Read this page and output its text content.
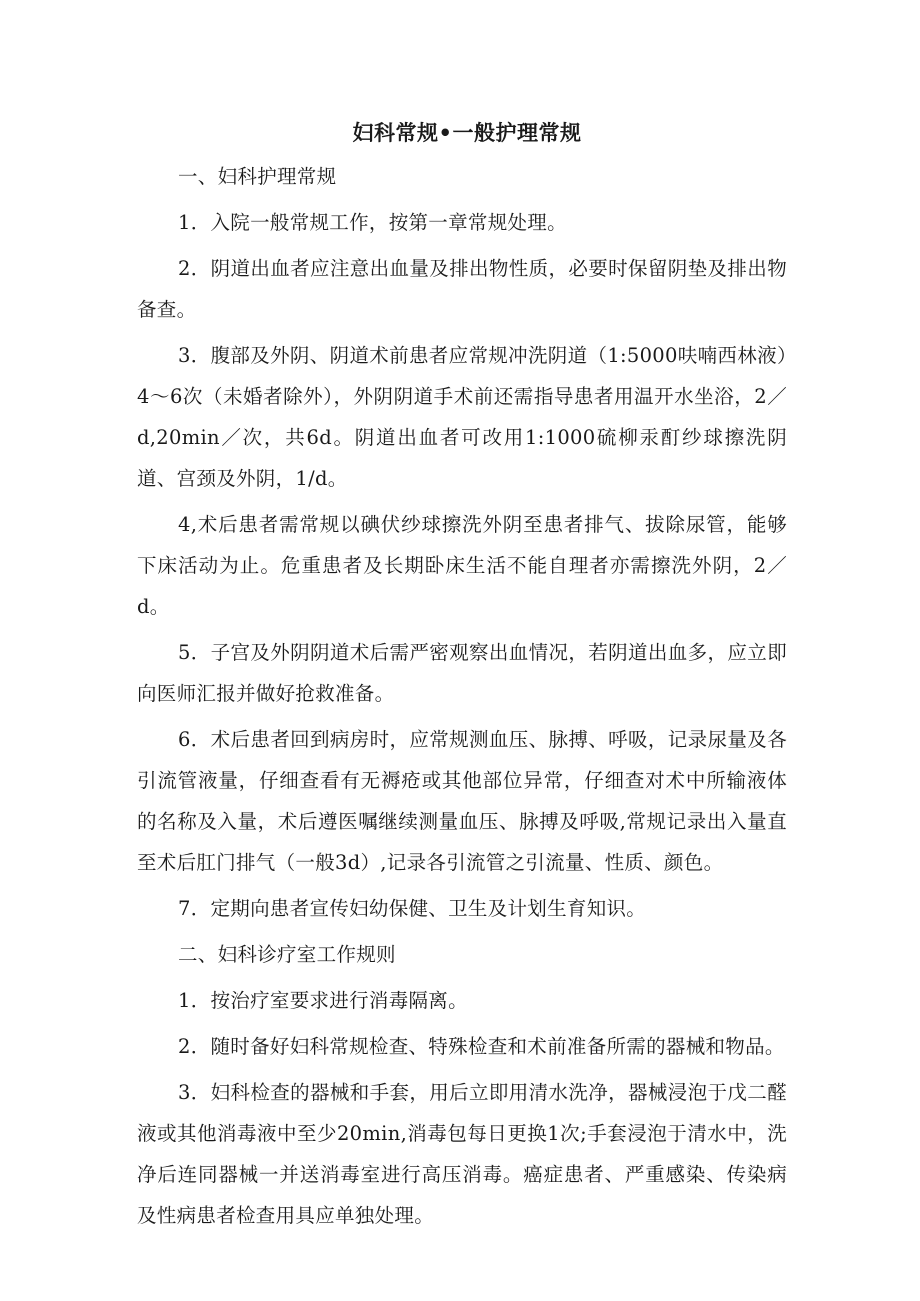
妇科常规•一般护理常规

一、妇科护理常规

1．入院一般常规工作，按第一章常规处理。

2．阴道出血者应注意出血量及排出物性质，必要时保留阴垫及排出物备查。

3．腹部及外阴、阴道术前患者应常规冲洗阴道（1:5000呋喃西林液）4～6次（未婚者除外），外阴阴道手术前还需指导患者用温开水坐浴，2／d,20min／次，共6d。阴道出血者可改用1:1000硫柳汞酊纱球擦洗阴道、宫颈及外阴，1/d。

4,术后患者需常规以碘伏纱球擦洗外阴至患者排气、拔除尿管，能够下床活动为止。危重患者及长期卧床生活不能自理者亦需擦洗外阴，2／d。

5．子宫及外阴阴道术后需严密观察出血情况，若阴道出血多，应立即向医师汇报并做好抢救准备。

6．术后患者回到病房时，应常规测血压、脉搏、呼吸，记录尿量及各引流管液量，仔细查看有无褥疮或其他部位异常，仔细查对术中所输液体的名称及入量，术后遵医嘱继续测量血压、脉搏及呼吸,常规记录出入量直至术后肛门排气（一般3d）,记录各引流管之引流量、性质、颜色。

7．定期向患者宣传妇幼保健、卫生及计划生育知识。

二、妇科诊疗室工作规则

1．按治疗室要求进行消毒隔离。

2．随时备好妇科常规检查、特殊检查和术前准备所需的器械和物品。

3．妇科检查的器械和手套，用后立即用清水洗净，器械浸泡于戊二醛液或其他消毒液中至少20min,消毒包每日更换1次;手套浸泡于清水中，洗净后连同器械一并送消毒室进行高压消毒。癌症患者、严重感染、传染病及性病患者检查用具应单独处理。
